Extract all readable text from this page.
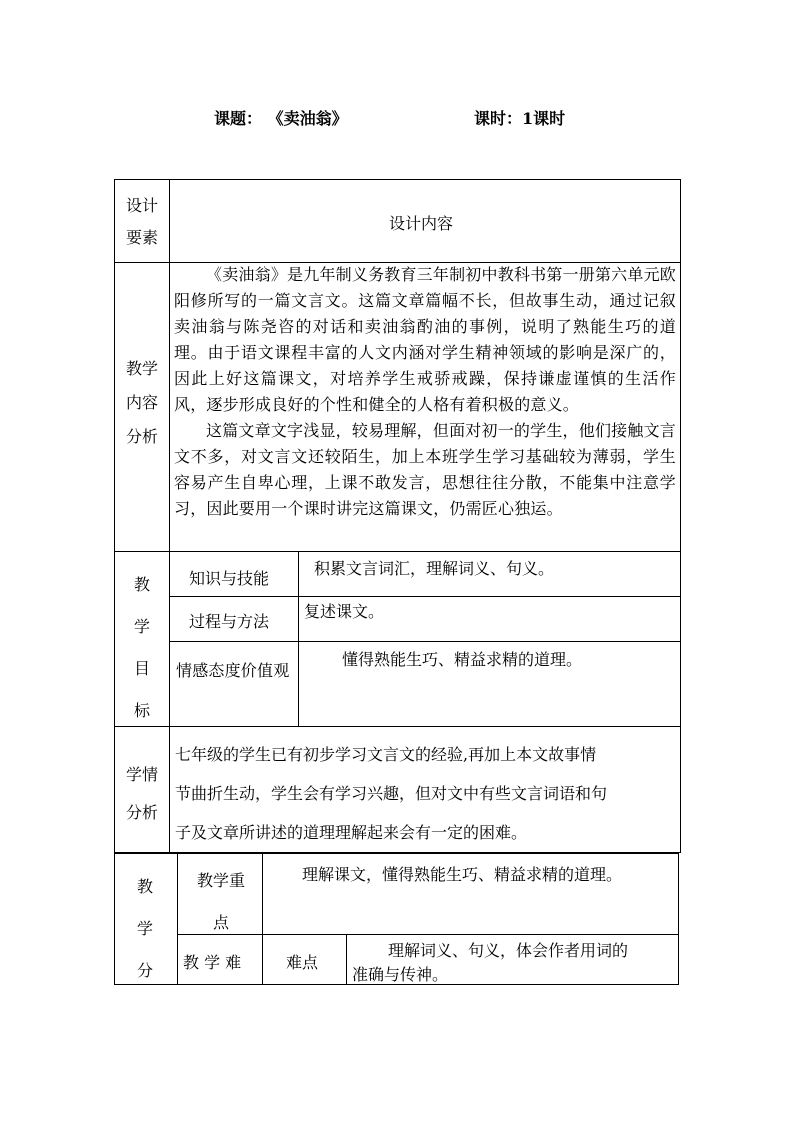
课题： 《卖油翁》	课时：1课时
设计
要素
设计内容
教学
内容
分析

《卖油翁》是九年制义务教育三年制初中教科书第一册第六单元欧阳修所写的一篇文言文。这篇文章篇幅不长，但故事生动，通过记叙卖油翁与陈尧咨的对话和卖油翁酌油的事例，说明了熟能生巧的道理。由于语文课程丰富的人文内涵对学生精神领域的影响是深广的，因此上好这篇课文，对培养学生戒骄戒躁，保持谦虚谨慎的生活作风，逐步形成良好的个性和健全的人格有着积极的意义。

这篇文章文字浅显，较易理解，但面对初一的学生，他们接触文言文不多，对文言文还较陌生，加上本班学生学习基础较为薄弱，学生容易产生自卑心理，上课不敢发言，思想往往分散，不能集中注意学习，因此要用一个课时讲完这篇课文，仍需匠心独运。

教
学
目
标
知识与技能
积累文言词汇，理解词义、句义。
过程与方法
复述课文。
情感态度价值观
懂得熟能生巧、精益求精的道理。
学情
分析
七年级的学生已有初步学习文言文的经验,再加上本文故事情
节曲折生动，学生会有学习兴趣，但对文中有些文言词语和句
子及文章所讲述的道理理解起来会有一定的困难。
教
学
分
教学重
点
理解课文，懂得熟能生巧、精益求精的道理。
教 学 难	难点
理解词义、句义，体会作者用词的
准确与传神。
